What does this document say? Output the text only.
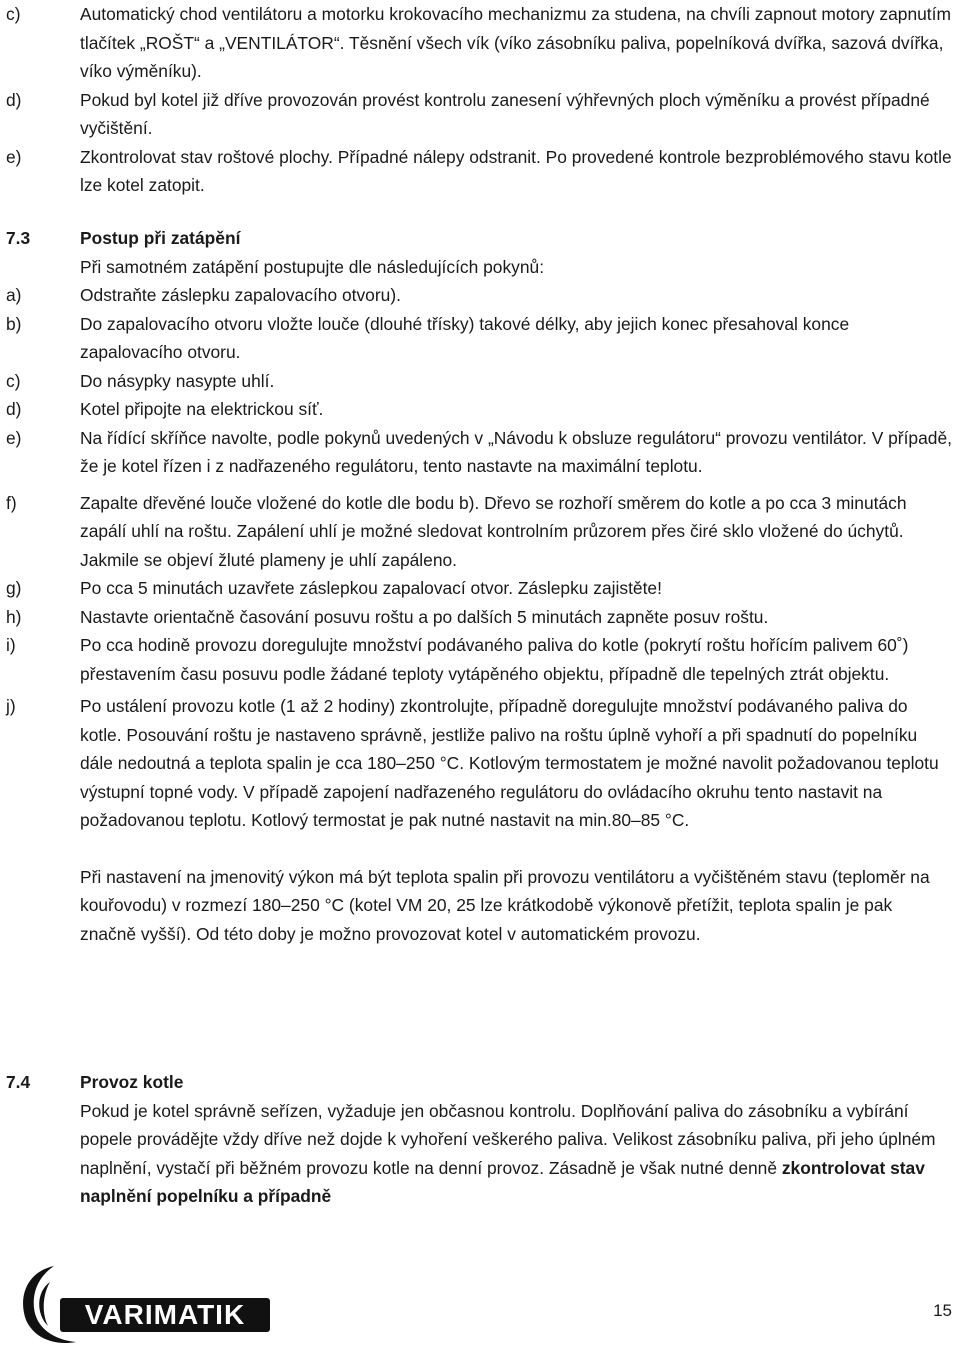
c)	Automatický chod ventilátoru a motorku krokovacího mechanizmu za studena, na chvíli zapnout motory zapnutím tlačítek „ROŠT“ a „VENTILÁTOR“. Těsnění všech vík (víko zásobníku paliva, popelníková dvířka, sazová dvířka, víko výměníku).
d)	Pokud byl kotel již dříve provozován provést kontrolu zanesení výhřevných ploch výměníku a provést případné vyčištění.
e)	Zkontrolovat stav roštové plochy. Případné nálepy odstranit. Po provedené kontrole bezproblémového stavu kotle lze kotel zatopit.
7.3	Postup při zatápění
Při samotném zatápění postupujte dle následujících pokynů:
a)	Odstraňte záslepku zapalovacího otvoru).
b)	Do zapalovacího otvoru vložte louče (dlouhé třísky) takové délky, aby jejich konec přesahoval konce zapalovacího otvoru.
c)	Do násypky nasypte uhlí.
d)	Kotel připojte na elektrickou síť.
e)	Na řídící skříňce navolte, podle pokynů uvedených v „Návodu k obsluze regulátoru“ provozu ventilátor. V případě, že je kotel řízen i z nadřazeného regulátoru, tento nastavte na maximální teplotu.
f)	Zapalte dřevěné louče vložené do kotle dle bodu b). Dřevo se rozhoří směrem do kotle a po cca 3 minutách zapálí uhlí na roštu. Zapálení uhlí je možné sledovat kontrolním průzorem přes čiré sklo vložené do úchytů. Jakmile se objeví žluté plameny je uhlí zapáleno.
g)	Po cca 5 minutách uzavřete záslepkou zapalovací otvor. Záslepku zajistěte!
h)	Nastavte orientačně časování posuvu roštu a po dalších 5 minutách zapněte posuv roštu.
i)	Po cca hodině provozu doregulujte množství podávaného paliva do kotle (pokrytí roštu hořícím palivem 60˚) přestavením času posuvu podle žádané teploty vytápěného objektu, případně dle tepelných ztrát objektu.
j)	Po ustálení provozu kotle (1 až 2 hodiny) zkontrolujte, případně doregulujte množství podávaného paliva do kotle. Posouvání roštu je nastaveno správně, jestliže palivo na roštu úplně vyhoří a při spadnutí do popelníku dále nedoutná a teplota spalin je cca 180–250 °C. Kotlovým termostatem je možné navolit požadovanou teplotu výstupní topné vody. V případě zapojení nadřazeného regulátoru do ovládacího okruhu tento nastavit na požadovanou teplotu. Kotlový termostat je pak nutné nastavit na min.80–85 °C.
Při nastavení na jmenovitý výkon má být teplota spalin při provozu ventilátoru a vyčištěném stavu (teploměr na kouřovodu) v rozmezí 180–250 °C (kotel VM 20, 25 lze krátkodobě výkonově přetížit, teplota spalin je pak značně vyšší). Od této doby je možno provozovat kotel v automatickém provozu.
7.4	Provoz kotle
Pokud je kotel správně seřízen, vyžaduje jen občasnou kontrolu. Doplňování paliva do zásobníku a vybírání popele provádějte vždy dříve než dojde k vyhoření veškerého paliva. Velikost zásobníku paliva, při jeho úplném naplnění, vystačí při běžném provozu kotle na denní provoz. Zásadně je však nutné denně zkontrolovat stav naplnění popelníku a případně
VARIMATIK	15
